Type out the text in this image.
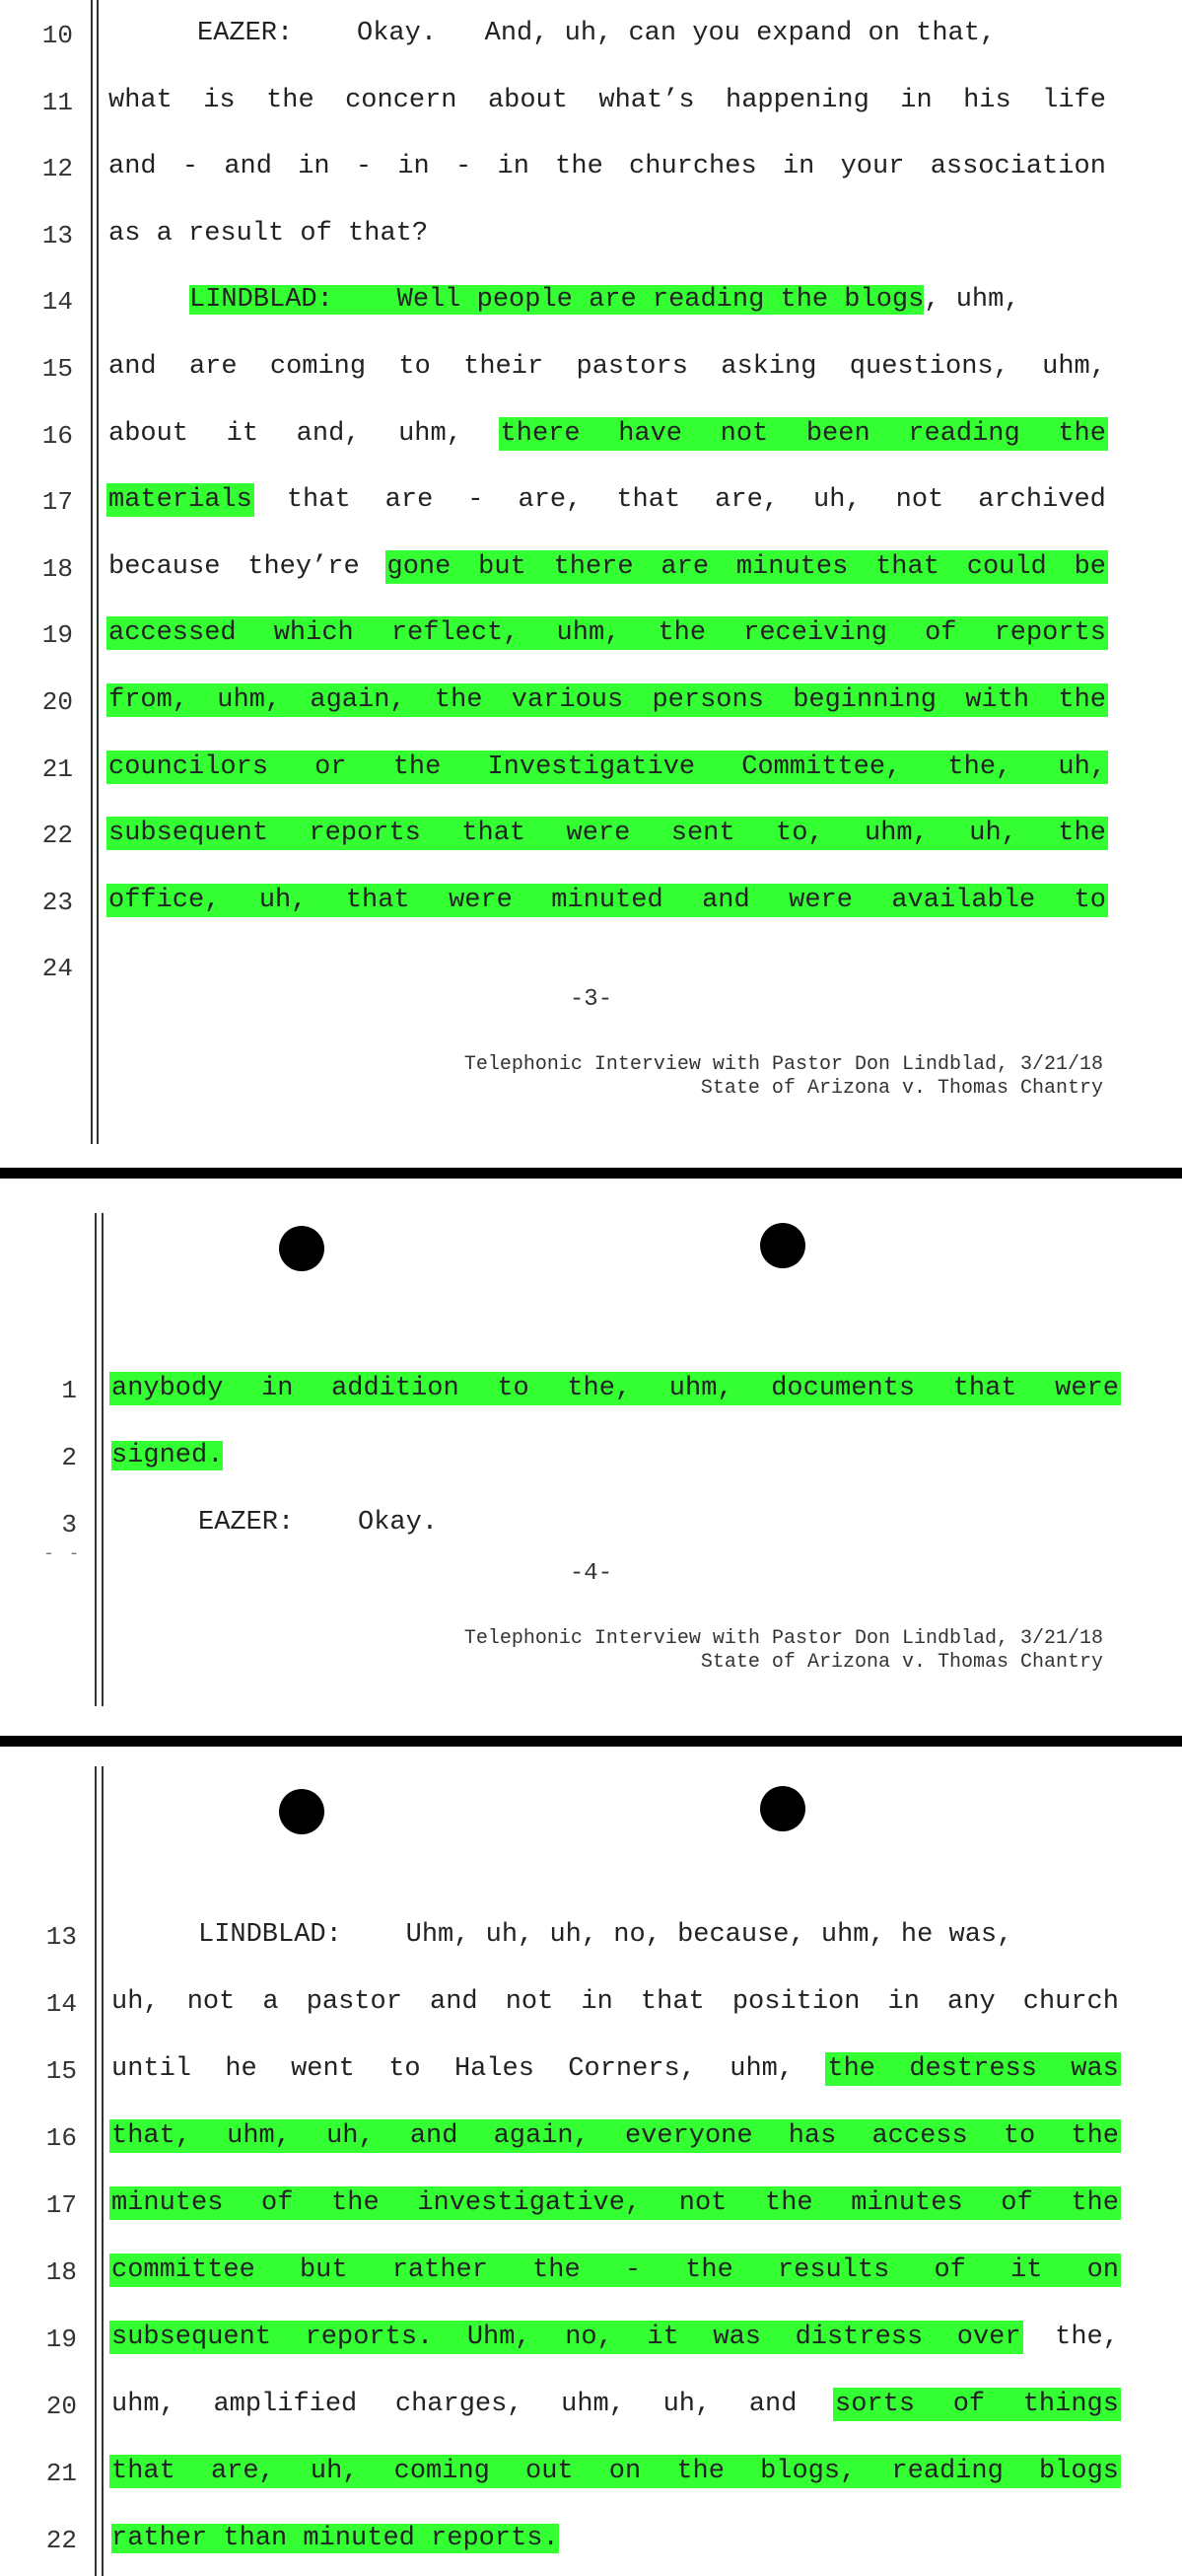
10	EAZER:    Okay.   And, uh, can you expand on that,
11 what is the concern about what’s happening in his life
12 and - and in - in - in the churches in your association
13 as a result of that?
14	LINDBLAD:    Well people are reading the blogs, uhm,
15 and are coming to their pastors asking questions, uhm,
16 about it and, uhm, there have not been reading the
17 materials that are - are, that are, uh, not archived
18 because they’re gone but there are minutes that could be
19 accessed which reflect, uhm, the receiving of reports
20 from, uhm, again, the various persons beginning with the
21 councilors or the Investigative Committee, the, uh,
22 subsequent reports that were sent to, uhm, uh, the
23 office, uh, that were minuted and were available to
24
-3-
Telephonic Interview with Pastor Don Lindblad, 3/21/18
State of Arizona v. Thomas Chantry
1 anybody in addition to the, uhm, documents that were
2 signed.
3	EAZER:    Okay.
- -
-4-
Telephonic Interview with Pastor Don Lindblad, 3/21/18
State of Arizona v. Thomas Chantry
13	LINDBLAD:    Uhm, uh, uh, no, because, uhm, he was,
14 uh, not a pastor and not in that position in any church
15 until he went to Hales Corners, uhm, the destress was
16 that, uhm, uh, and again, everyone has access to the
17 minutes of the investigative, not the minutes of the
18 committee but rather the - the results of it on
19 subsequent reports. Uhm, no, it was distress over the,
20 uhm, amplified charges, uhm, uh, and sorts of things
21 that are, uh, coming out on the blogs, reading blogs
22 rather than minuted reports.
